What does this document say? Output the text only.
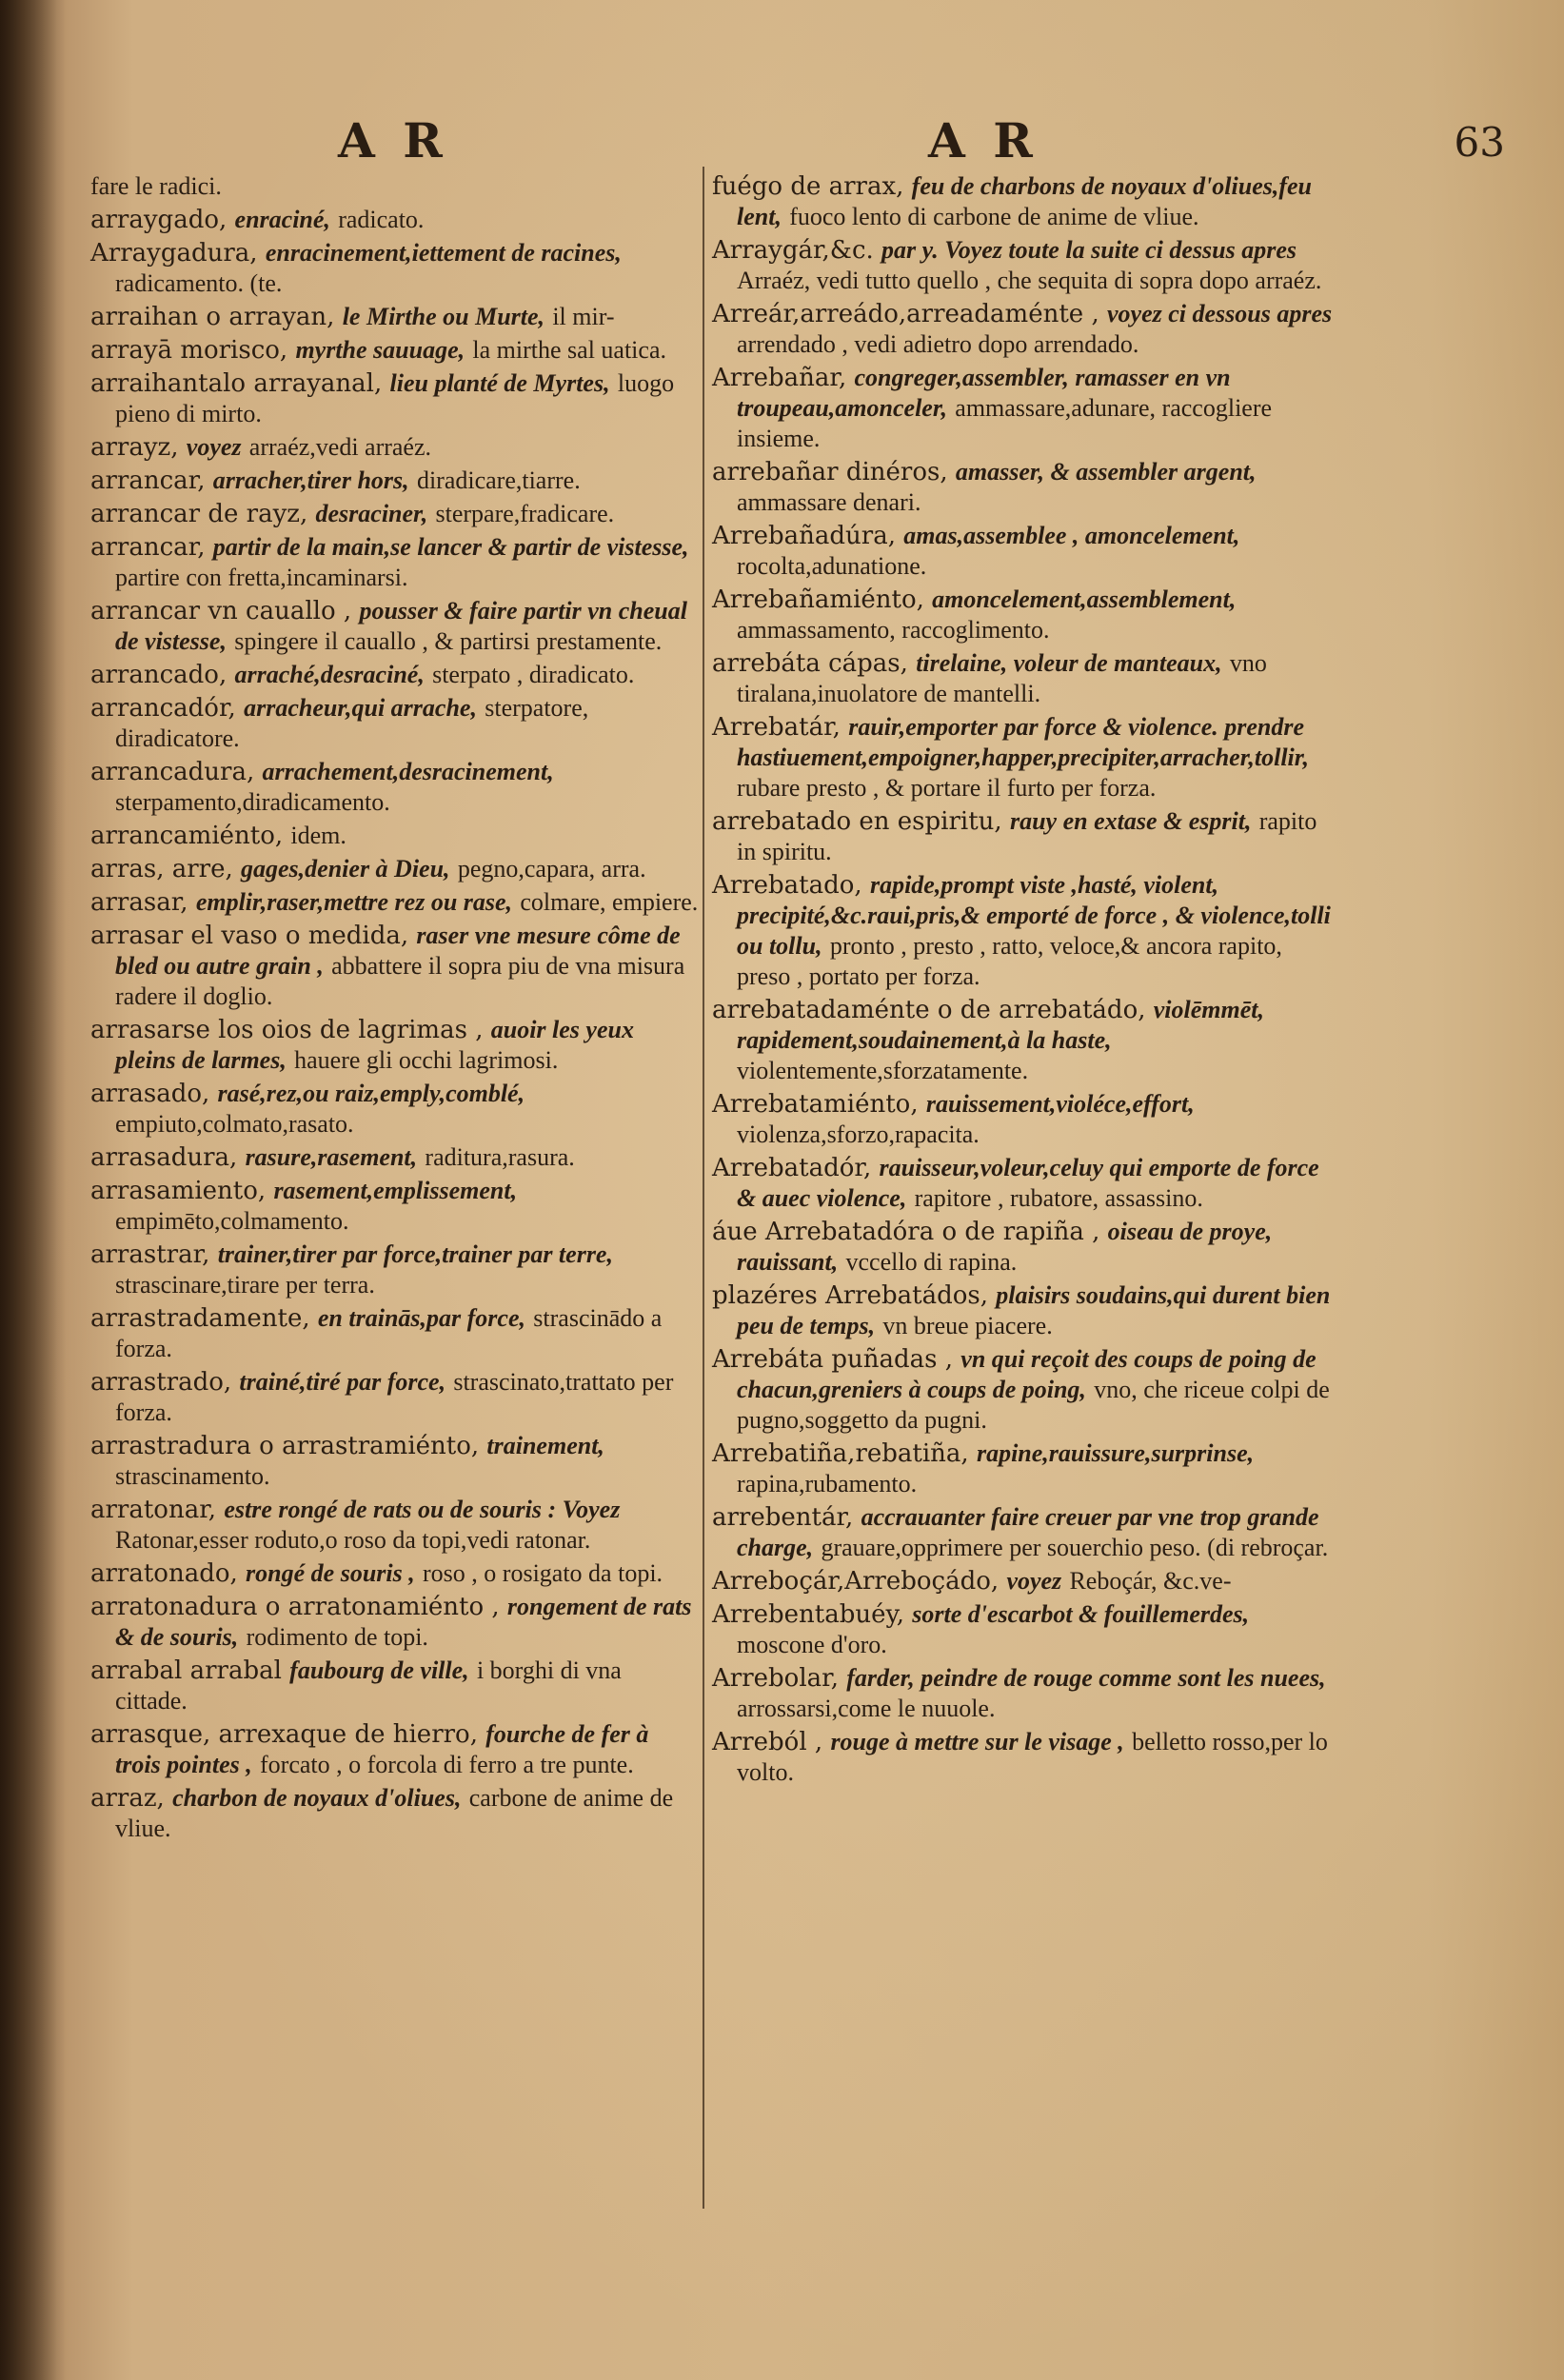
A R	A R	63

fare le radici.

arraygado, enraciné, radicato.

Arraygadura, enracinement,iettement de racines, radicamento. (te.

arraihan o arrayan, le Mirthe ou Murte, il mir-

arrayā morisco, myrthe sauuage, la mirthe sal uatica.

arraihantalo arrayanal, lieu planté de Myrtes, luogo pieno di mirto.

arrayz, voyez arraéz,vedi arraéz.

arrancar, arracher,tirer hors, diradicare,tiarre.

arrancar de rayz, desraciner, sterpare,fradicare.

arrancar, partir de la main,se lancer & partir de vistesse, partire con fretta,incaminarsi.

arrancar vn cauallo , pousser & faire partir vn cheual de vistesse, spingere il cauallo , & partirsi prestamente.

arrancado, arraché,desraciné, sterpato , diradicato.

arrancadór, arracheur,qui arrache, sterpatore, diradicatore.

arrancadura, arrachement,desracinement, sterpamento,diradicamento.

arrancamiénto, idem.

arras, arre, gages,denier à Dieu, pegno,capara, arra.

arrasar, emplir,raser,mettre rez ou rase, colmare, empiere.

arrasar el vaso o medida, raser vne mesure côme de bled ou autre grain , abbattere il sopra piu de vna misura radere il doglio.

arrasarse los oios de lagrimas , auoir les yeux pleins de larmes, hauere gli occhi lagrimosi.

arrasado, rasé,rez,ou raiz,emply,comblé, empiuto,colmato,rasato.

arrasadura, rasure,rasement, raditura,rasura.

arrasamiento, rasement,emplissement, empimēto,colmamento.

arrastrar, trainer,tirer par force,trainer par terre, strascinare,tirare per terra.

arrastradamente, en trainās,par force, strascinādo a forza.

arrastrado, trainé,tiré par force, strascinato,trattato per forza.

arrastradura o arrastramiénto, trainement, strascinamento.

arratonar, estre rongé de rats ou de souris : Voyez Ratonar,esser roduto,o roso da topi,vedi ratonar.

arratonado, rongé de souris , roso , o rosigato da topi.

arratonadura o arratonamiénto , rongement de rats & de souris, rodimento de topi.

arrabal arrabal faubourg de ville, i borghi di vna cittade.

arrasque, arrexaque de hierro, fourche de fer à trois pointes , forcato , o forcola di ferro a tre punte.

arraz, charbon de noyaux d'oliues, carbone de anime de vliue.

fuégo de arrax, feu de charbons de noyaux d'oliues,feu lent, fuoco lento di carbone de anime de vliue.

Arraygár,&c. par y. Voyez toute la suite ci dessus apres Arraéz, vedi tutto quello , che sequita di sopra dopo arraéz.

Arreár,arreádo,arreadaménte , voyez ci dessous apres arrendado , vedi adietro dopo arrendado.

Arrebañar, congreger,assembler, ramasser en vn troupeau,amonceler, ammassare,adunare, raccogliere insieme.

arrebañar dinéros, amasser, & assembler argent, ammassare denari.

Arrebañadúra, amas,assemblee , amoncelement, rocolta,adunatione.

Arrebañamiénto, amoncelement,assemblement, ammassamento, raccoglimento.

arrebáta cápas, tirelaine, voleur de manteaux, vno tiralana,inuolatore de mantelli.

Arrebatár, rauir,emporter par force & violence. prendre hastiuement,empoigner,happer,precipiter,arracher,tollir, rubare presto , & portare il furto per forza.

arrebatado en espiritu, rauy en extase & esprit, rapito in spiritu.

Arrebatado, rapide,prompt viste ,hasté, violent, precipité,&c.raui,pris,& emporté de force , & violence,tolli ou tollu, pronto , presto , ratto, veloce,& ancora rapito, preso , portato per forza.

arrebatadaménte o de arrebatádo, violēmmēt, rapidement,soudainement,à la haste, violentemente,sforzatamente.

Arrebatamiénto, rauissement,violéce,effort, violenza,sforzo,rapacita.

Arrebatadór, rauisseur,voleur,celuy qui emporte de force & auec violence, rapitore , rubatore, assassino.

áue Arrebatadóra o de rapiña , oiseau de proye, rauissant, vccello di rapina.

plazéres Arrebatádos, plaisirs soudains,qui durent bien peu de temps, vn breue piacere.

Arrebáta puñadas , vn qui reçoit des coups de poing de chacun,greniers à coups de poing, vno, che riceue colpi de pugno,soggetto da pugni.

Arrebatiña,rebatiña, rapine,rauissure,surprinse, rapina,rubamento.

arrebentár, accrauanter faire creuer par vne trop grande charge, grauare,opprimere per souerchio peso. (di rebroçar.

Arreboçár,Arreboçádo, voyez Reboçár, &c.ve-

Arrebentabuéy, sorte d'escarbot & fouillemerdes, moscone d'oro.

Arrebolar, farder, peindre de rouge comme sont les nuees, arrossarsi,come le nuuole.

Arreból , rouge à mettre sur le visage , belletto rosso,per lo volto.
